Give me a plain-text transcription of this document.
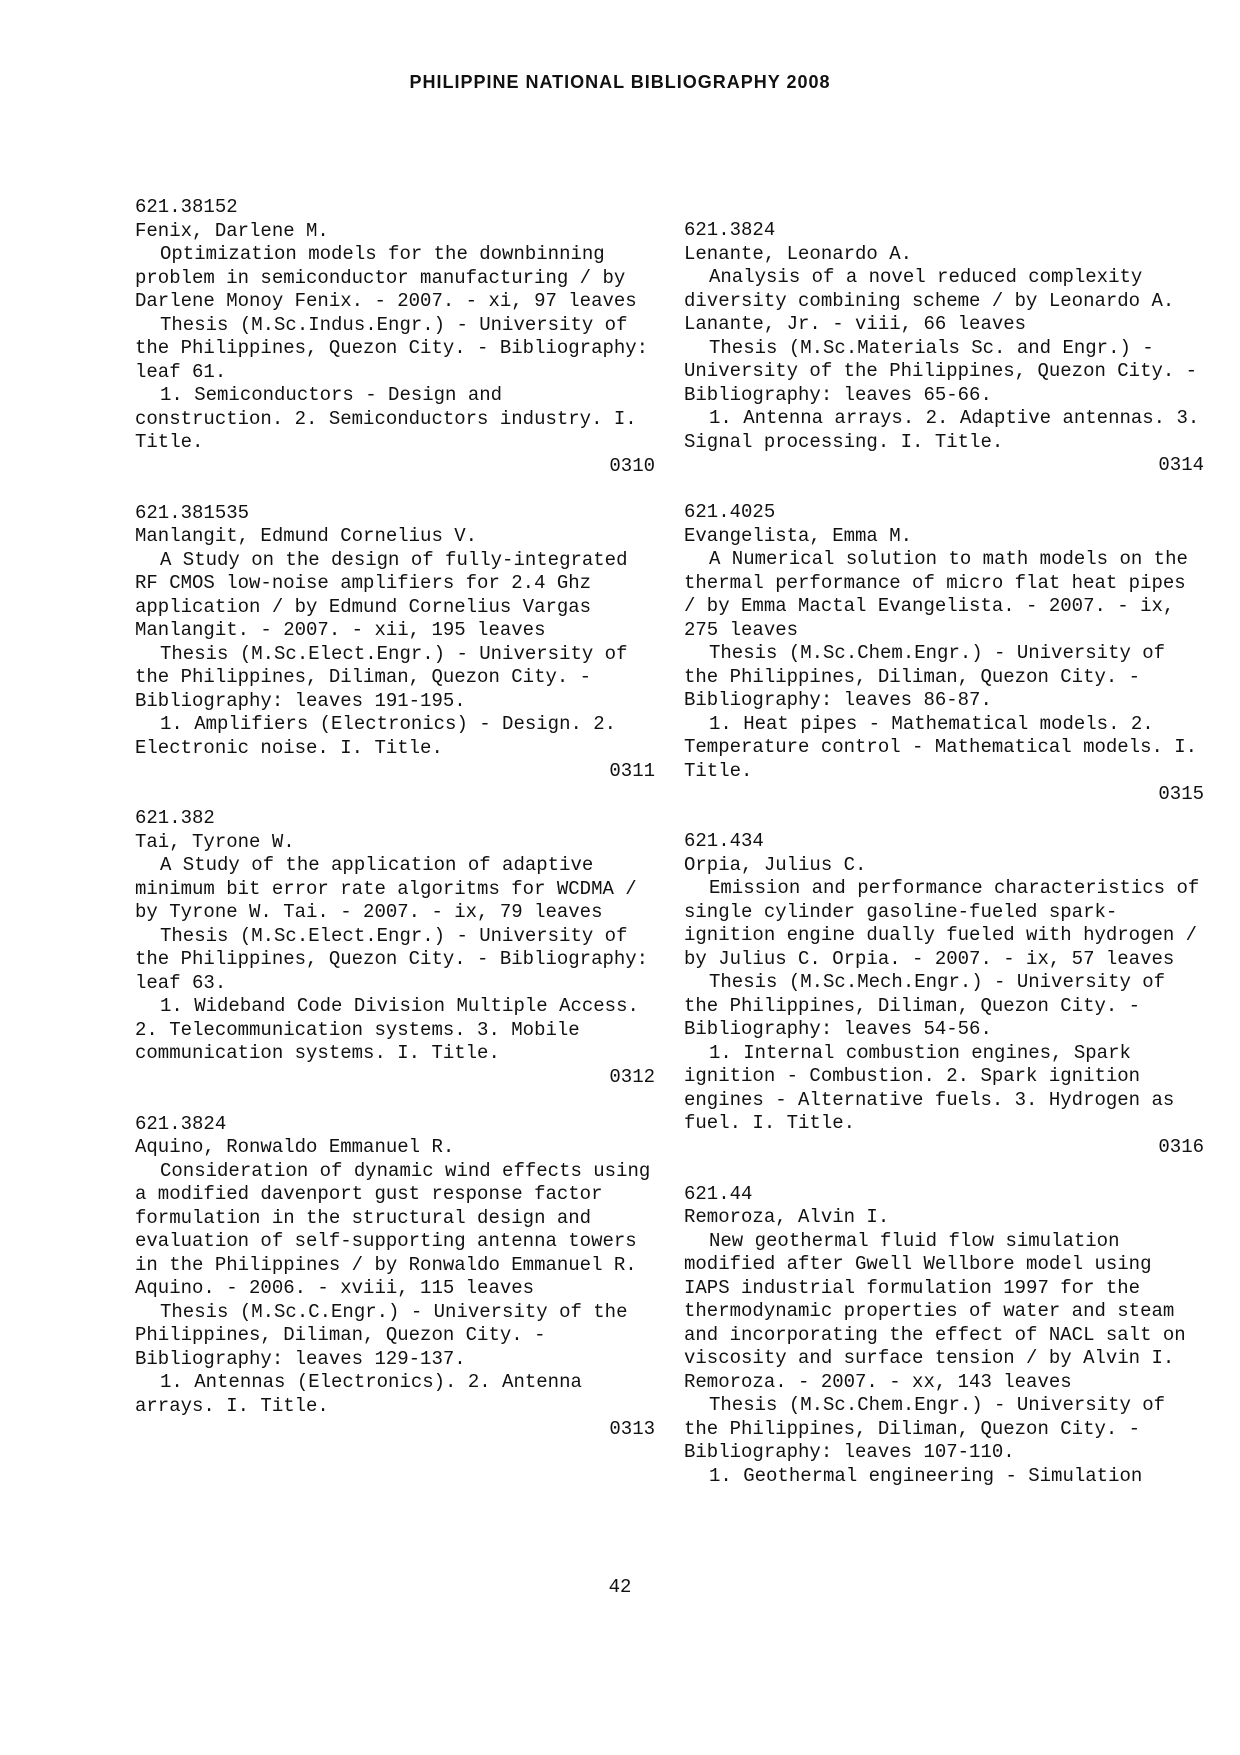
PHILIPPINE NATIONAL BIBLIOGRAPHY 2008
621.38152
Fenix, Darlene M.
Optimization models for the downbinning problem in semiconductor manufacturing / by Darlene Monoy Fenix. - 2007. - xi, 97 leaves
Thesis (M.Sc.Indus.Engr.) - University of the Philippines, Quezon City. - Bibliography: leaf 61.
1. Semiconductors - Design and construction. 2. Semiconductors industry. I. Title.
0310
621.381535
Manlangit, Edmund Cornelius V.
A Study on the design of fully-integrated RF CMOS low-noise amplifiers for 2.4 Ghz application / by Edmund Cornelius Vargas Manlangit. - 2007. - xii, 195 leaves
Thesis (M.Sc.Elect.Engr.) - University of the Philippines, Diliman, Quezon City. - Bibliography: leaves 191-195.
1. Amplifiers (Electronics) - Design. 2. Electronic noise. I. Title.
0311
621.382
Tai, Tyrone W.
A Study of the application of adaptive minimum bit error rate algoritms for WCDMA / by Tyrone W. Tai. - 2007. - ix, 79 leaves
Thesis (M.Sc.Elect.Engr.) - University of the Philippines, Quezon City. - Bibliography: leaf 63.
1. Wideband Code Division Multiple Access. 2. Telecommunication systems. 3. Mobile communication systems. I. Title.
0312
621.3824
Aquino, Ronwaldo Emmanuel R.
Consideration of dynamic wind effects using a modified davenport gust response factor formulation in the structural design and evaluation of self-supporting antenna towers in the Philippines / by Ronwaldo Emmanuel R. Aquino. - 2006. - xviii, 115 leaves
Thesis (M.Sc.C.Engr.) - University of the Philippines, Diliman, Quezon City. - Bibliography: leaves 129-137.
1. Antennas (Electronics). 2. Antenna arrays. I. Title.
0313
621.3824
Lenante, Leonardo A.
Analysis of a novel reduced complexity diversity combining scheme / by Leonardo A. Lanante, Jr. - viii, 66 leaves
Thesis (M.Sc.Materials Sc. and Engr.) - University of the Philippines, Quezon City. - Bibliography: leaves 65-66.
1. Antenna arrays. 2. Adaptive antennas. 3. Signal processing. I. Title.
0314
621.4025
Evangelista, Emma M.
A Numerical solution to math models on the thermal performance of micro flat heat pipes / by Emma Mactal Evangelista. - 2007. - ix, 275 leaves
Thesis (M.Sc.Chem.Engr.) - University of the Philippines, Diliman, Quezon City. - Bibliography: leaves 86-87.
1. Heat pipes - Mathematical models. 2. Temperature control - Mathematical models. I. Title.
0315
621.434
Orpia, Julius C.
Emission and performance characteristics of single cylinder gasoline-fueled spark-ignition engine dually fueled with hydrogen / by Julius C. Orpia. - 2007. - ix, 57 leaves
Thesis (M.Sc.Mech.Engr.) - University of the Philippines, Diliman, Quezon City. - Bibliography: leaves 54-56.
1. Internal combustion engines, Spark ignition - Combustion. 2. Spark ignition engines - Alternative fuels. 3. Hydrogen as fuel. I. Title.
0316
621.44
Remoroza, Alvin I.
New geothermal fluid flow simulation modified after Gwell Wellbore model using IAPS industrial formulation 1997 for the thermodynamic properties of water and steam and incorporating the effect of NACL salt on viscosity and surface tension / by Alvin I. Remoroza. - 2007. - xx, 143 leaves
Thesis (M.Sc.Chem.Engr.) - University of the Philippines, Diliman, Quezon City. - Bibliography: leaves 107-110.
1. Geothermal engineering - Simulation
42
